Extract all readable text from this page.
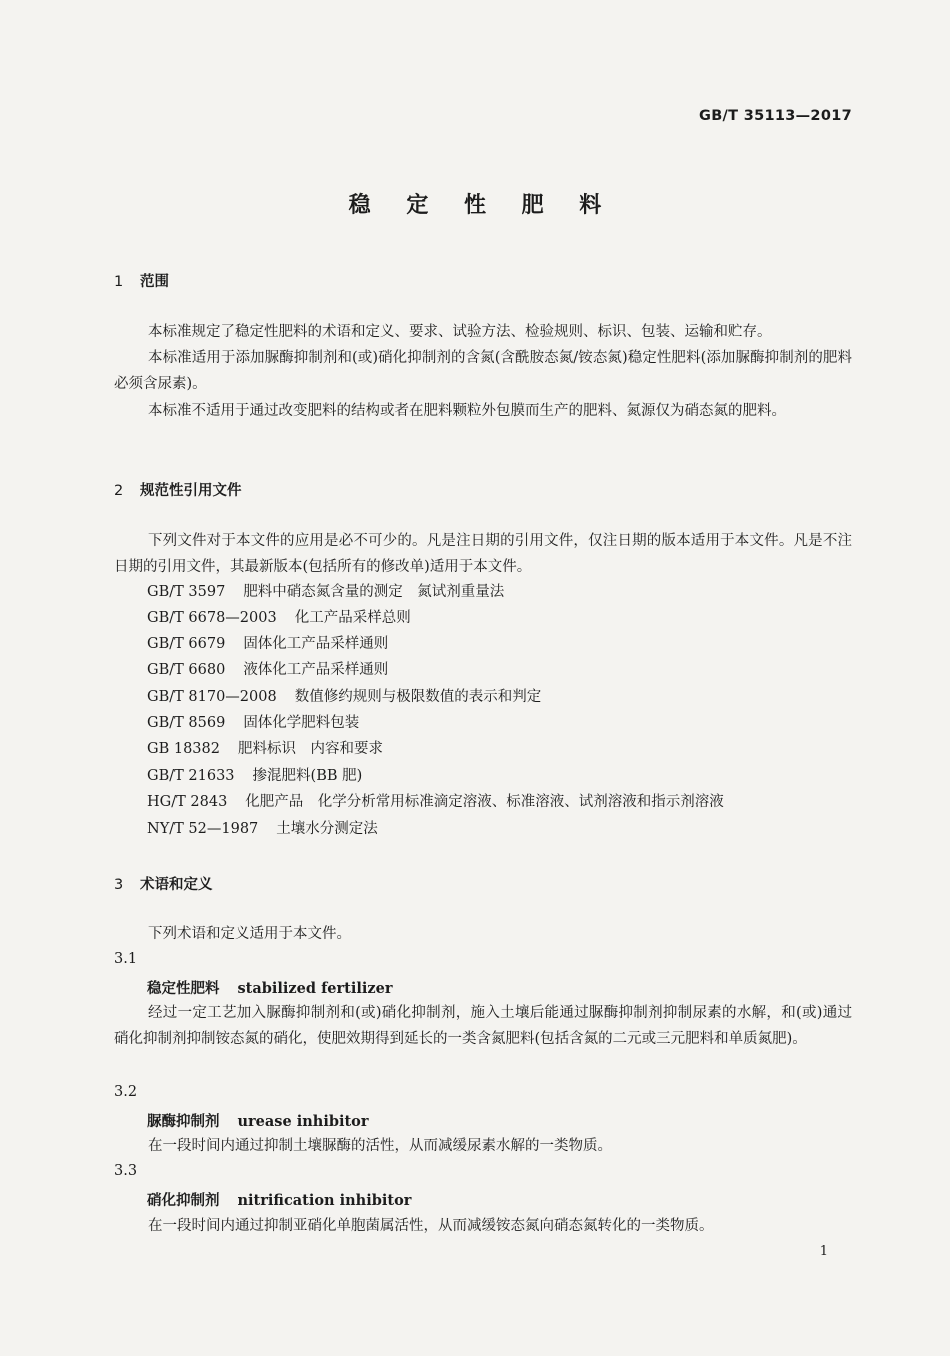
GB/T 35113—2017
稳 定 性 肥 料
1 范围
本标准规定了稳定性肥料的术语和定义、要求、试验方法、检验规则、标识、包装、运输和贮存。
本标准适用于添加脲酶抑制剂和(或)硝化抑制剂的含氮(含酰胺态氮/铵态氮)稳定性肥料(添加脲酶抑制剂的肥料必须含尿素)。
本标准不适用于通过改变肥料的结构或者在肥料颗粒外包膜而生产的肥料、氮源仅为硝态氮的肥料。
2 规范性引用文件
下列文件对于本文件的应用是必不可少的。凡是注日期的引用文件，仅注日期的版本适用于本文件。凡是不注日期的引用文件，其最新版本(包括所有的修改单)适用于本文件。
GB/T 3597 肥料中硝态氮含量的测定　氮试剂重量法
GB/T 6678—2003 化工产品采样总则
GB/T 6679 固体化工产品采样通则
GB/T 6680 液体化工产品采样通则
GB/T 8170—2008 数值修约规则与极限数值的表示和判定
GB/T 8569 固体化学肥料包装
GB 18382 肥料标识　内容和要求
GB/T 21633 掺混肥料(BB 肥)
HG/T 2843 化肥产品　化学分析常用标准滴定溶液、标准溶液、试剂溶液和指示剂溶液
NY/T 52—1987 土壤水分测定法
3 术语和定义
下列术语和定义适用于本文件。
3.1
稳定性肥料 stabilized fertilizer
经过一定工艺加入脲酶抑制剂和(或)硝化抑制剂，施入土壤后能通过脲酶抑制剂抑制尿素的水解，和(或)通过硝化抑制剂抑制铵态氮的硝化，使肥效期得到延长的一类含氮肥料(包括含氮的二元或三元肥料和单质氮肥)。
3.2
脲酶抑制剂 urease inhibitor
在一段时间内通过抑制土壤脲酶的活性，从而减缓尿素水解的一类物质。
3.3
硝化抑制剂 nitrification inhibitor
在一段时间内通过抑制亚硝化单胞菌属活性，从而减缓铵态氮向硝态氮转化的一类物质。
1
